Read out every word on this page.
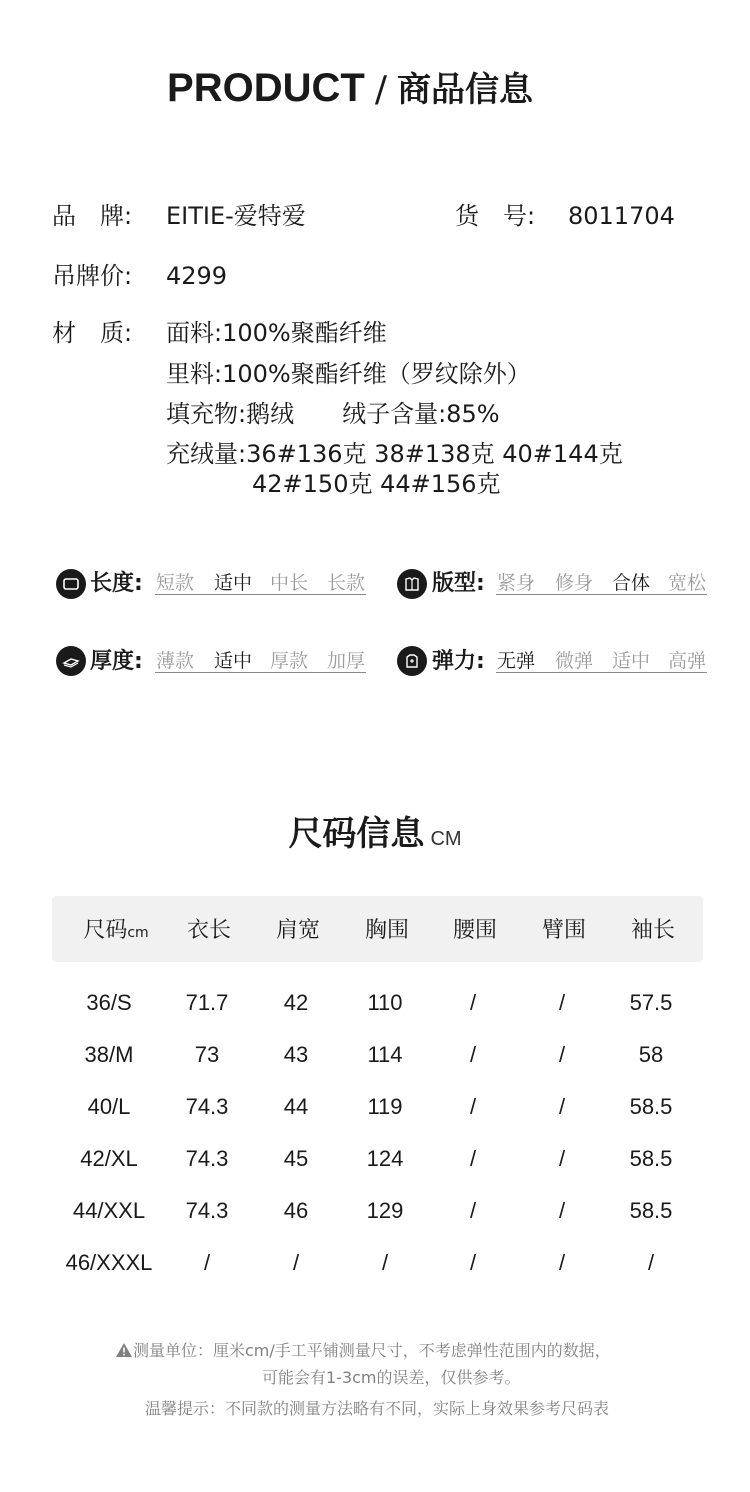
PRODUCT / 商品信息
品　牌: EITIE-爱特爱	货　号: 8011704
吊牌价: 4299
材　质: 面料:100%聚酯纤维
里料:100%聚酯纤维（罗纹除外）
填充物:鹅绒　　绒子含量:85%
充绒量:36#136克 38#138克 40#144克
42#150克 44#156克
长度: 短款 适中 中长 长款	版型: 紧身 修身 合体 宽松
厚度: 薄款 适中 厚款 加厚	弹力: 无弹 微弹 适中 高弹
尺码信息 CM
尺码cm	衣长	肩宽	胸围	腰围	臂围	袖长
36/S	71.7	42	110	/	/	57.5
38/M	73	43	114	/	/	58
40/L	74.3	44	119	/	/	58.5
42/XL	74.3	45	124	/	/	58.5
44/XXL	74.3	46	129	/	/	58.5
46/XXXL	/	/	/	/	/	/
测量单位：厘米cm/手工平铺测量尺寸，不考虑弹性范围内的数据，
可能会有1-3cm的误差，仅供参考。
温馨提示：不同款的测量方法略有不同，实际上身效果参考尺码表
